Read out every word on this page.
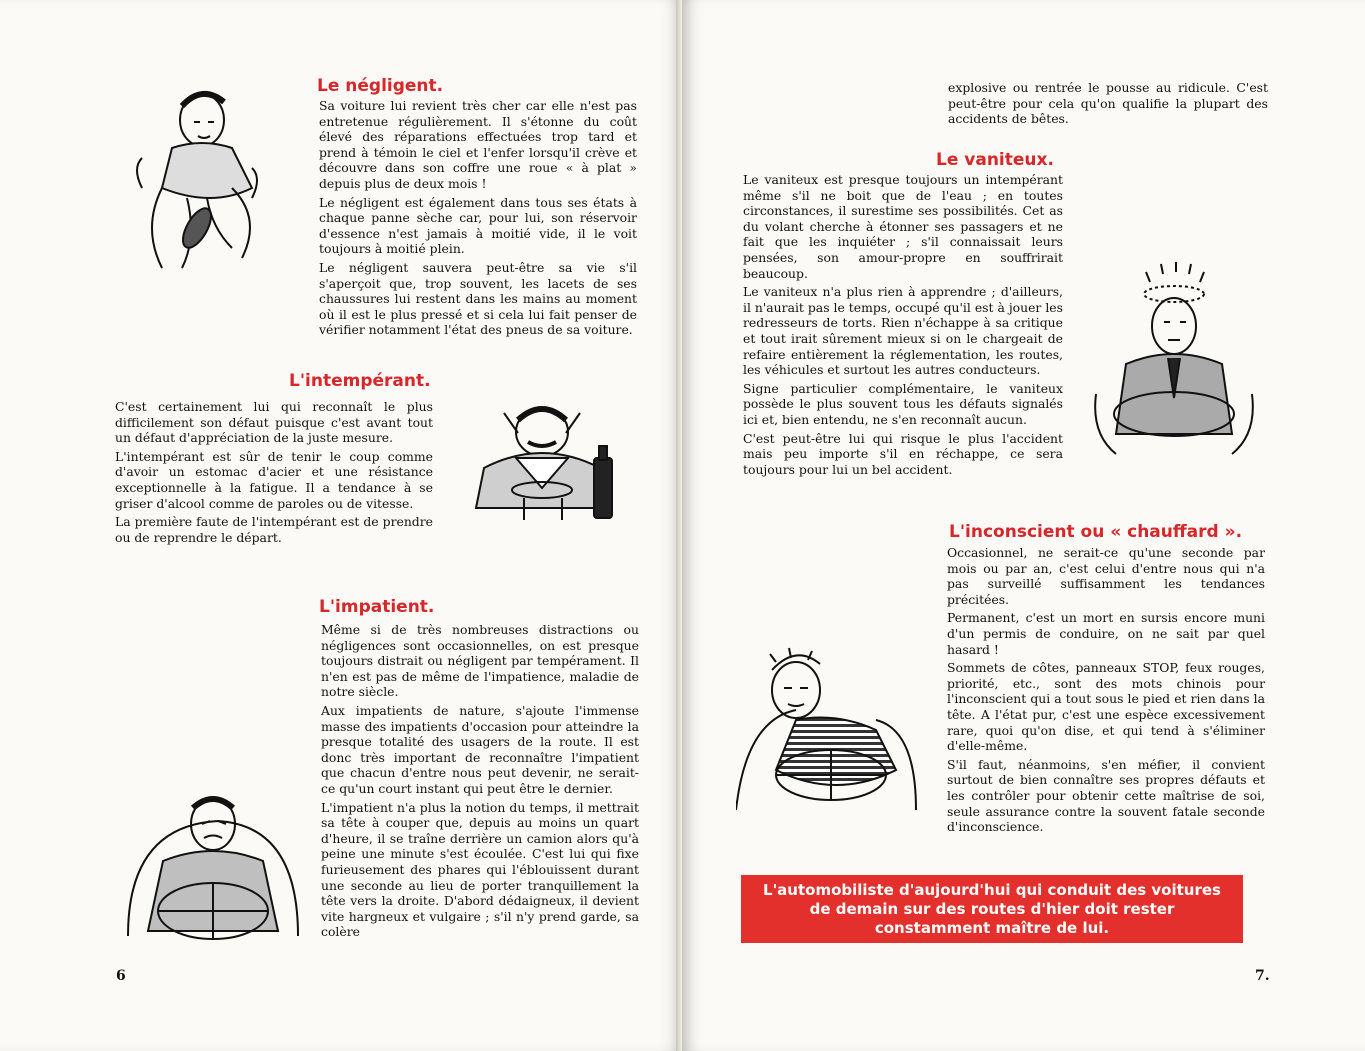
Le négligent.

Sa voiture lui revient très cher car elle n'est pas entretenue régulièrement. Il s'étonne du coût élevé des réparations effectuées trop tard et prend à témoin le ciel et l'enfer lorsqu'il crève et découvre dans son coffre une roue « à plat » depuis plus de deux mois !

Le négligent est également dans tous ses états à chaque panne sèche car, pour lui, son réservoir d'essence n'est jamais à moitié vide, il le voit toujours à moitié plein.

Le négligent sauvera peut-être sa vie s'il s'aperçoit que, trop souvent, les lacets de ses chaussures lui restent dans les mains au moment où il est le plus pressé et si cela lui fait penser de vérifier notamment l'état des pneus de sa voiture.

L'intempérant.

C'est certainement lui qui reconnaît le plus difficilement son défaut puisque c'est avant tout un défaut d'appréciation de la juste mesure.

L'intempérant est sûr de tenir le coup comme d'avoir un estomac d'acier et une résistance exceptionnelle à la fatigue. Il a tendance à se griser d'alcool comme de paroles ou de vitesse.

La première faute de l'intempérant est de prendre ou de reprendre le départ.

L'impatient.

Même si de très nombreuses distractions ou négligences sont occasionnelles, on est presque toujours distrait ou négligent par tempérament. Il n'en est pas de même de l'impatience, maladie de notre siècle.

Aux impatients de nature, s'ajoute l'immense masse des impatients d'occasion pour atteindre la presque totalité des usagers de la route. Il est donc très important de reconnaître l'impatient que chacun d'entre nous peut devenir, ne serait-ce qu'un court instant qui peut être le dernier.

L'impatient n'a plus la notion du temps, il mettrait sa tête à couper que, depuis au moins un quart d'heure, il se traîne derrière un camion alors qu'à peine une minute s'est écoulée. C'est lui qui fixe furieusement des phares qui l'éblouissent durant une seconde au lieu de porter tranquillement la tête vers la droite. D'abord dédaigneux, il devient vite hargneux et vulgaire ; s'il n'y prend garde, sa colère

6

explosive ou rentrée le pousse au ridicule. C'est peut-être pour cela qu'on qualifie la plupart des accidents de bêtes.

Le vaniteux.

Le vaniteux est presque toujours un intempérant même s'il ne boit que de l'eau ; en toutes circonstances, il surestime ses possibilités. Cet as du volant cherche à étonner ses passagers et ne fait que les inquiéter ; s'il connaissait leurs pensées, son amour-propre en souffrirait beaucoup.

Le vaniteux n'a plus rien à apprendre ; d'ailleurs, il n'aurait pas le temps, occupé qu'il est à jouer les redresseurs de torts. Rien n'échappe à sa critique et tout irait sûrement mieux si on le chargeait de refaire entièrement la réglementation, les routes, les véhicules et surtout les autres conducteurs.

Signe particulier complémentaire, le vaniteux possède le plus souvent tous les défauts signalés ici et, bien entendu, ne s'en reconnaît aucun.

C'est peut-être lui qui risque le plus l'accident mais peu importe s'il en réchappe, ce sera toujours pour lui un bel accident.

L'inconscient ou « chauffard ».

Occasionnel, ne serait-ce qu'une seconde par mois ou par an, c'est celui d'entre nous qui n'a pas surveillé suffisamment les tendances précitées.

Permanent, c'est un mort en sursis encore muni d'un permis de conduire, on ne sait par quel hasard !

Sommets de côtes, panneaux STOP, feux rouges, priorité, etc., sont des mots chinois pour l'inconscient qui a tout sous le pied et rien dans la tête. A l'état pur, c'est une espèce excessivement rare, quoi qu'on dise, et qui tend à s'éliminer d'elle-même.

S'il faut, néanmoins, s'en méfier, il convient surtout de bien connaître ses propres défauts et les contrôler pour obtenir cette maîtrise de soi, seule assurance contre la souvent fatale seconde d'inconscience.

L'automobiliste d'aujourd'hui qui conduit des voitures de demain sur des routes d'hier doit rester constamment maître de lui.
7.
